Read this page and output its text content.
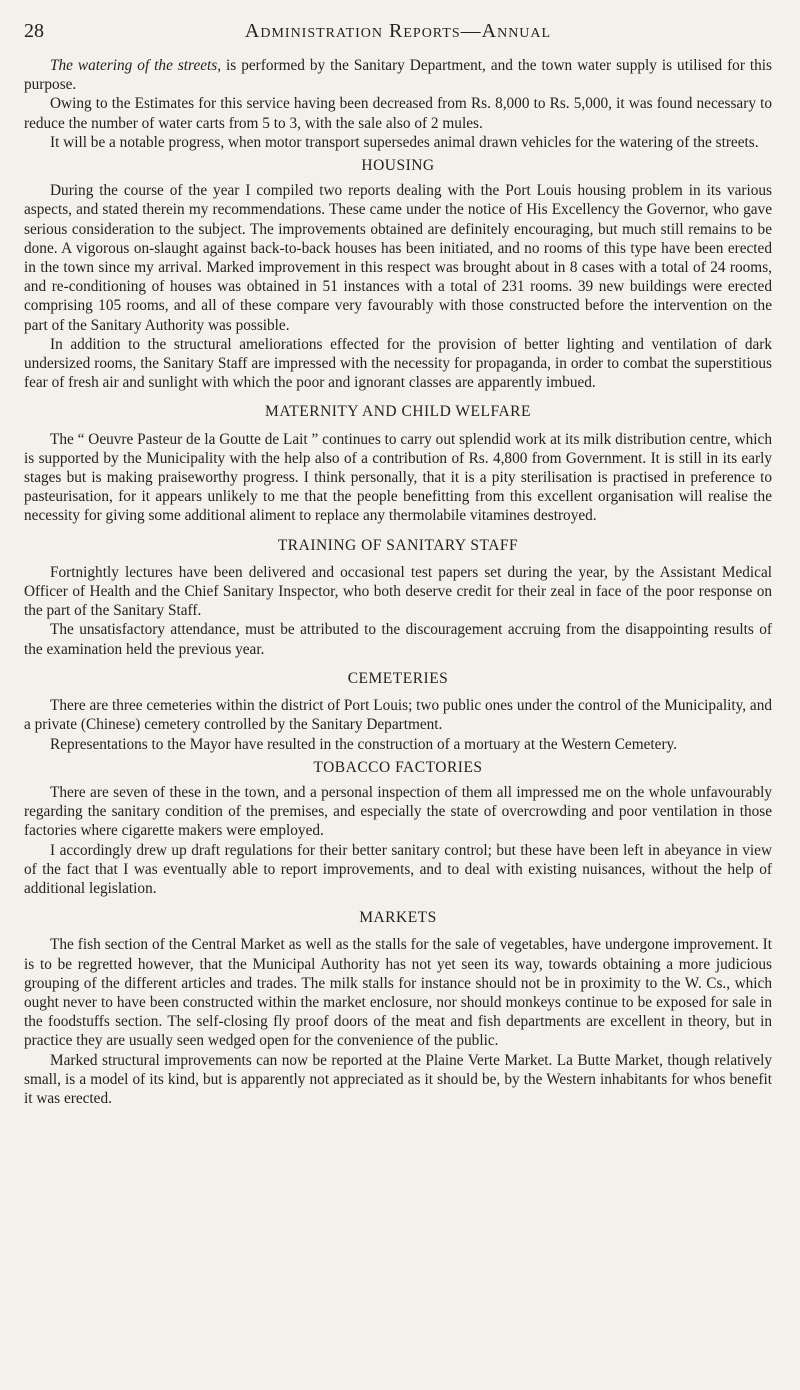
28	Administration Reports—Annual

The watering of the streets, is performed by the Sanitary Department, and the town water supply is utilised for this purpose.

Owing to the Estimates for this service having been decreased from Rs. 8,000 to Rs. 5,000, it was found necessary to reduce the number of water carts from 5 to 3, with the sale also of 2 mules.

It will be a notable progress, when motor transport supersedes animal drawn vehicles for the watering of the streets.

HOUSING

During the course of the year I compiled two reports dealing with the Port Louis housing problem in its various aspects, and stated therein my recommendations. These came under the notice of His Excellency the Governor, who gave serious consideration to the subject. The improvements obtained are definitely encouraging, but much still remains to be done. A vigorous on-slaught against back-to-back houses has been initiated, and no rooms of this type have been erected in the town since my arrival. Marked improvement in this respect was brought about in 8 cases with a total of 24 rooms, and re-conditioning of houses was obtained in 51 instances with a total of 231 rooms. 39 new buildings were erected comprising 105 rooms, and all of these compare very favourably with those constructed before the intervention on the part of the Sanitary Authority was possible.

In addition to the structural ameliorations effected for the provision of better lighting and ventilation of dark undersized rooms, the Sanitary Staff are impressed with the necessity for propaganda, in order to combat the superstitious fear of fresh air and sunlight with which the poor and ignorant classes are apparently imbued.

MATERNITY AND CHILD WELFARE

The “ Oeuvre Pasteur de la Goutte de Lait ” continues to carry out splendid work at its milk distribution centre, which is supported by the Municipality with the help also of a contribution of Rs. 4,800 from Government. It is still in its early stages but is making praiseworthy progress. I think personally, that it is a pity sterilisation is practised in preference to pasteurisation, for it appears unlikely to me that the people benefitting from this excellent organisation will realise the necessity for giving some additional aliment to replace any thermolabile vitamines destroyed.

TRAINING OF SANITARY STAFF

Fortnightly lectures have been delivered and occasional test papers set during the year, by the Assistant Medical Officer of Health and the Chief Sanitary Inspector, who both deserve credit for their zeal in face of the poor response on the part of the Sanitary Staff.

The unsatisfactory attendance, must be attributed to the discouragement accruing from the disappointing results of the examination held the previous year.

CEMETERIES

There are three cemeteries within the district of Port Louis; two public ones under the control of the Municipality, and a private (Chinese) cemetery controlled by the Sanitary Department.

Representations to the Mayor have resulted in the construction of a mortuary at the Western Cemetery.

TOBACCO FACTORIES

There are seven of these in the town, and a personal inspection of them all impressed me on the whole unfavourably regarding the sanitary condition of the premises, and especially the state of overcrowding and poor ventilation in those factories where cigarette makers were employed.

I accordingly drew up draft regulations for their better sanitary control; but these have been left in abeyance in view of the fact that I was eventually able to report improvements, and to deal with existing nuisances, without the help of additional legislation.

MARKETS

The fish section of the Central Market as well as the stalls for the sale of vegetables, have undergone improvement. It is to be regretted however, that the Municipal Authority has not yet seen its way, towards obtaining a more judicious grouping of the different articles and trades. The milk stalls for instance should not be in proximity to the W. Cs., which ought never to have been constructed within the market enclosure, nor should monkeys continue to be exposed for sale in the foodstuffs section. The self-closing fly proof doors of the meat and fish departments are excellent in theory, but in practice they are usually seen wedged open for the convenience of the public.

Marked structural improvements can now be reported at the Plaine Verte Market. La Butte Market, though relatively small, is a model of its kind, but is apparently not appreciated as it should be, by the Western inhabitants for whos benefit it was erected.
